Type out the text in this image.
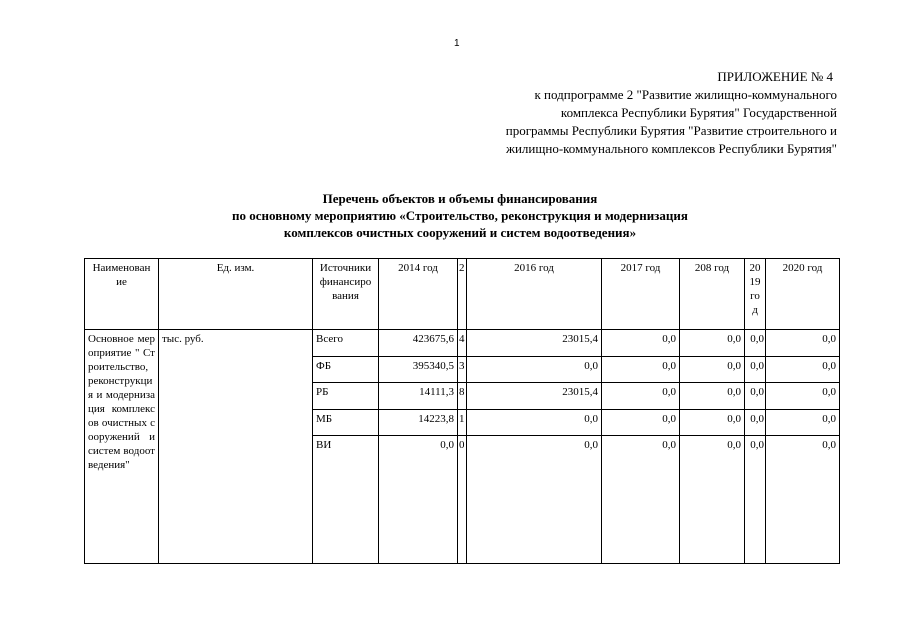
1
ПРИЛОЖЕНИЕ № 4
к подпрограмме 2 "Развитие жилищно-коммунального
комплекса Республики Бурятия" Государственной
программы Республики Бурятия "Развитие строительного и
жилищно-коммунального комплексов Республики Бурятия"
Перечень объектов и объемы финансирования
по основному мероприятию «Строительство, реконструкция и модернизация
комплексов очистных сооружений и систем водоотведения»
Наименован ие	Ед. изм.	Источники финансиро вания	2014 год	2	2016 год	2017 год	208 год	20 19 го д	2020 год
Основное мероприятие " Строительство, реконструкция и модернизация комплексов очистных сооружений и систем водоотведения"	тыс. руб.	Всего	423675,6	4	23015,4	0,0	0,0	0,0	0,0
		ФБ	395340,5	3	0,0	0,0	0,0	0,0	0,0
		РБ	14111,3	8	23015,4	0,0	0,0	0,0	0,0
		МБ	14223,8	1	0,0	0,0	0,0	0,0	0,0
		ВИ	0,0	0	0,0	0,0	0,0	0,0	0,0
